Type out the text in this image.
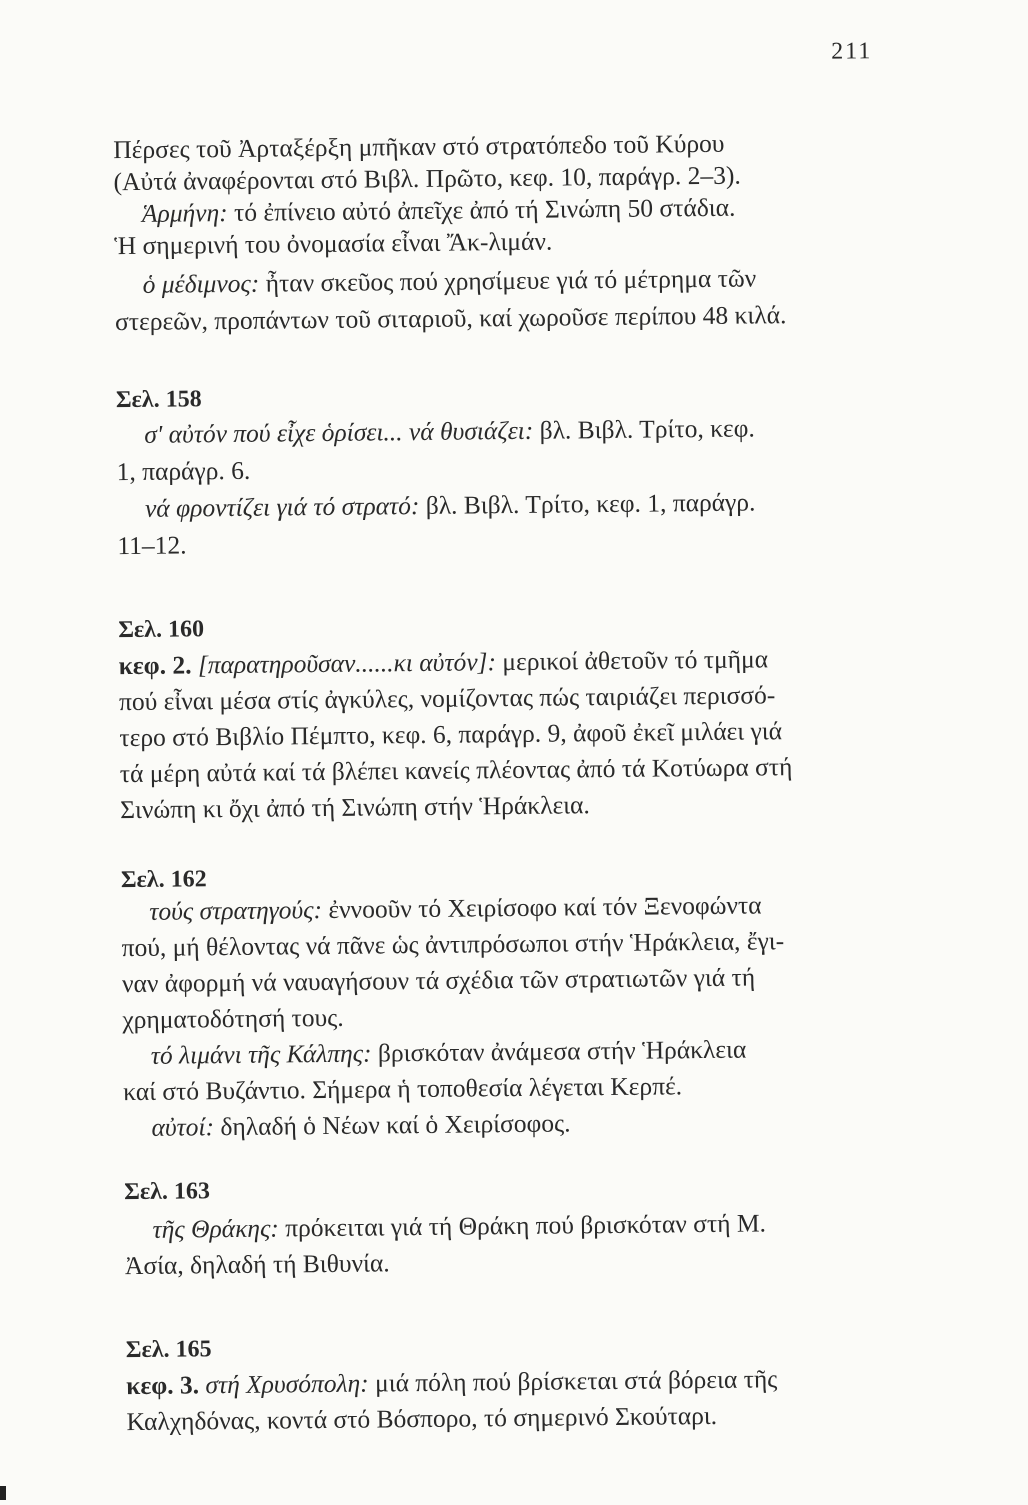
211
Πέρσες τοῦ Ἀρταξέρξη μπῆκαν στό στρατόπεδο τοῦ Κύρου
(Αὐτά ἀναφέρονται στό Βιβλ. Πρῶτο, κεφ. 10, παράγρ. 2–3).
Ἁρμήνη: τό ἐπίνειο αὐτό ἀπεῖχε ἀπό τή Σινώπη 50 στάδια.
Ἡ σημερινή του ὀνομασία εἶναι Ἄκ-λιμάν.
ὁ μέδιμνος: ἦταν σκεῦος πού χρησίμευε γιά τό μέτρημα τῶν
στερεῶν, προπάντων τοῦ σιταριοῦ, καί χωροῦσε περίπου 48 κιλά.
Σελ. 158
σ' αὐτόν πού εἶχε ὁρίσει... νά θυσιάζει: βλ. Βιβλ. Τρίτο, κεφ.
1, παράγρ. 6.
νά φροντίζει γιά τό στρατό: βλ. Βιβλ. Τρίτο, κεφ. 1, παράγρ.
11–12.
Σελ. 160
κεφ. 2. [παρατηροῦσαν......κι αὐτόν]: μερικοί ἀθετοῦν τό τμῆμα
πού εἶναι μέσα στίς ἀγκύλες, νομίζοντας πώς ταιριάζει περισσό-
τερο στό Βιβλίο Πέμπτο, κεφ. 6, παράγρ. 9, ἀφοῦ ἐκεῖ μιλάει γιά
τά μέρη αὐτά καί τά βλέπει κανείς πλέοντας ἀπό τά Κοτύωρα στή
Σινώπη κι ὄχι ἀπό τή Σινώπη στήν Ἡράκλεια.
Σελ. 162
τούς στρατηγούς: ἐννοοῦν τό Χειρίσοφο καί τόν Ξενοφώντα
πού, μή θέλοντας νά πᾶνε ὡς ἀντιπρόσωποι στήν Ἡράκλεια, ἔγι-
ναν ἀφορμή νά ναυαγήσουν τά σχέδια τῶν στρατιωτῶν γιά τή
χρηματοδότησή τους.
τό λιμάνι τῆς Κάλπης: βρισκόταν ἀνάμεσα στήν Ἡράκλεια
καί στό Βυζάντιο. Σήμερα ἡ τοποθεσία λέγεται Κερπέ.
αὐτοί: δηλαδή ὁ Νέων καί ὁ Χειρίσοφος.
Σελ. 163
τῆς Θράκης: πρόκειται γιά τή Θράκη πού βρισκόταν στή Μ.
Ἀσία, δηλαδή τή Βιθυνία.
Σελ. 165
κεφ. 3. στή Χρυσόπολη: μιά πόλη πού βρίσκεται στά βόρεια τῆς
Καλχηδόνας, κοντά στό Βόσπορο, τό σημερινό Σκούταρι.
